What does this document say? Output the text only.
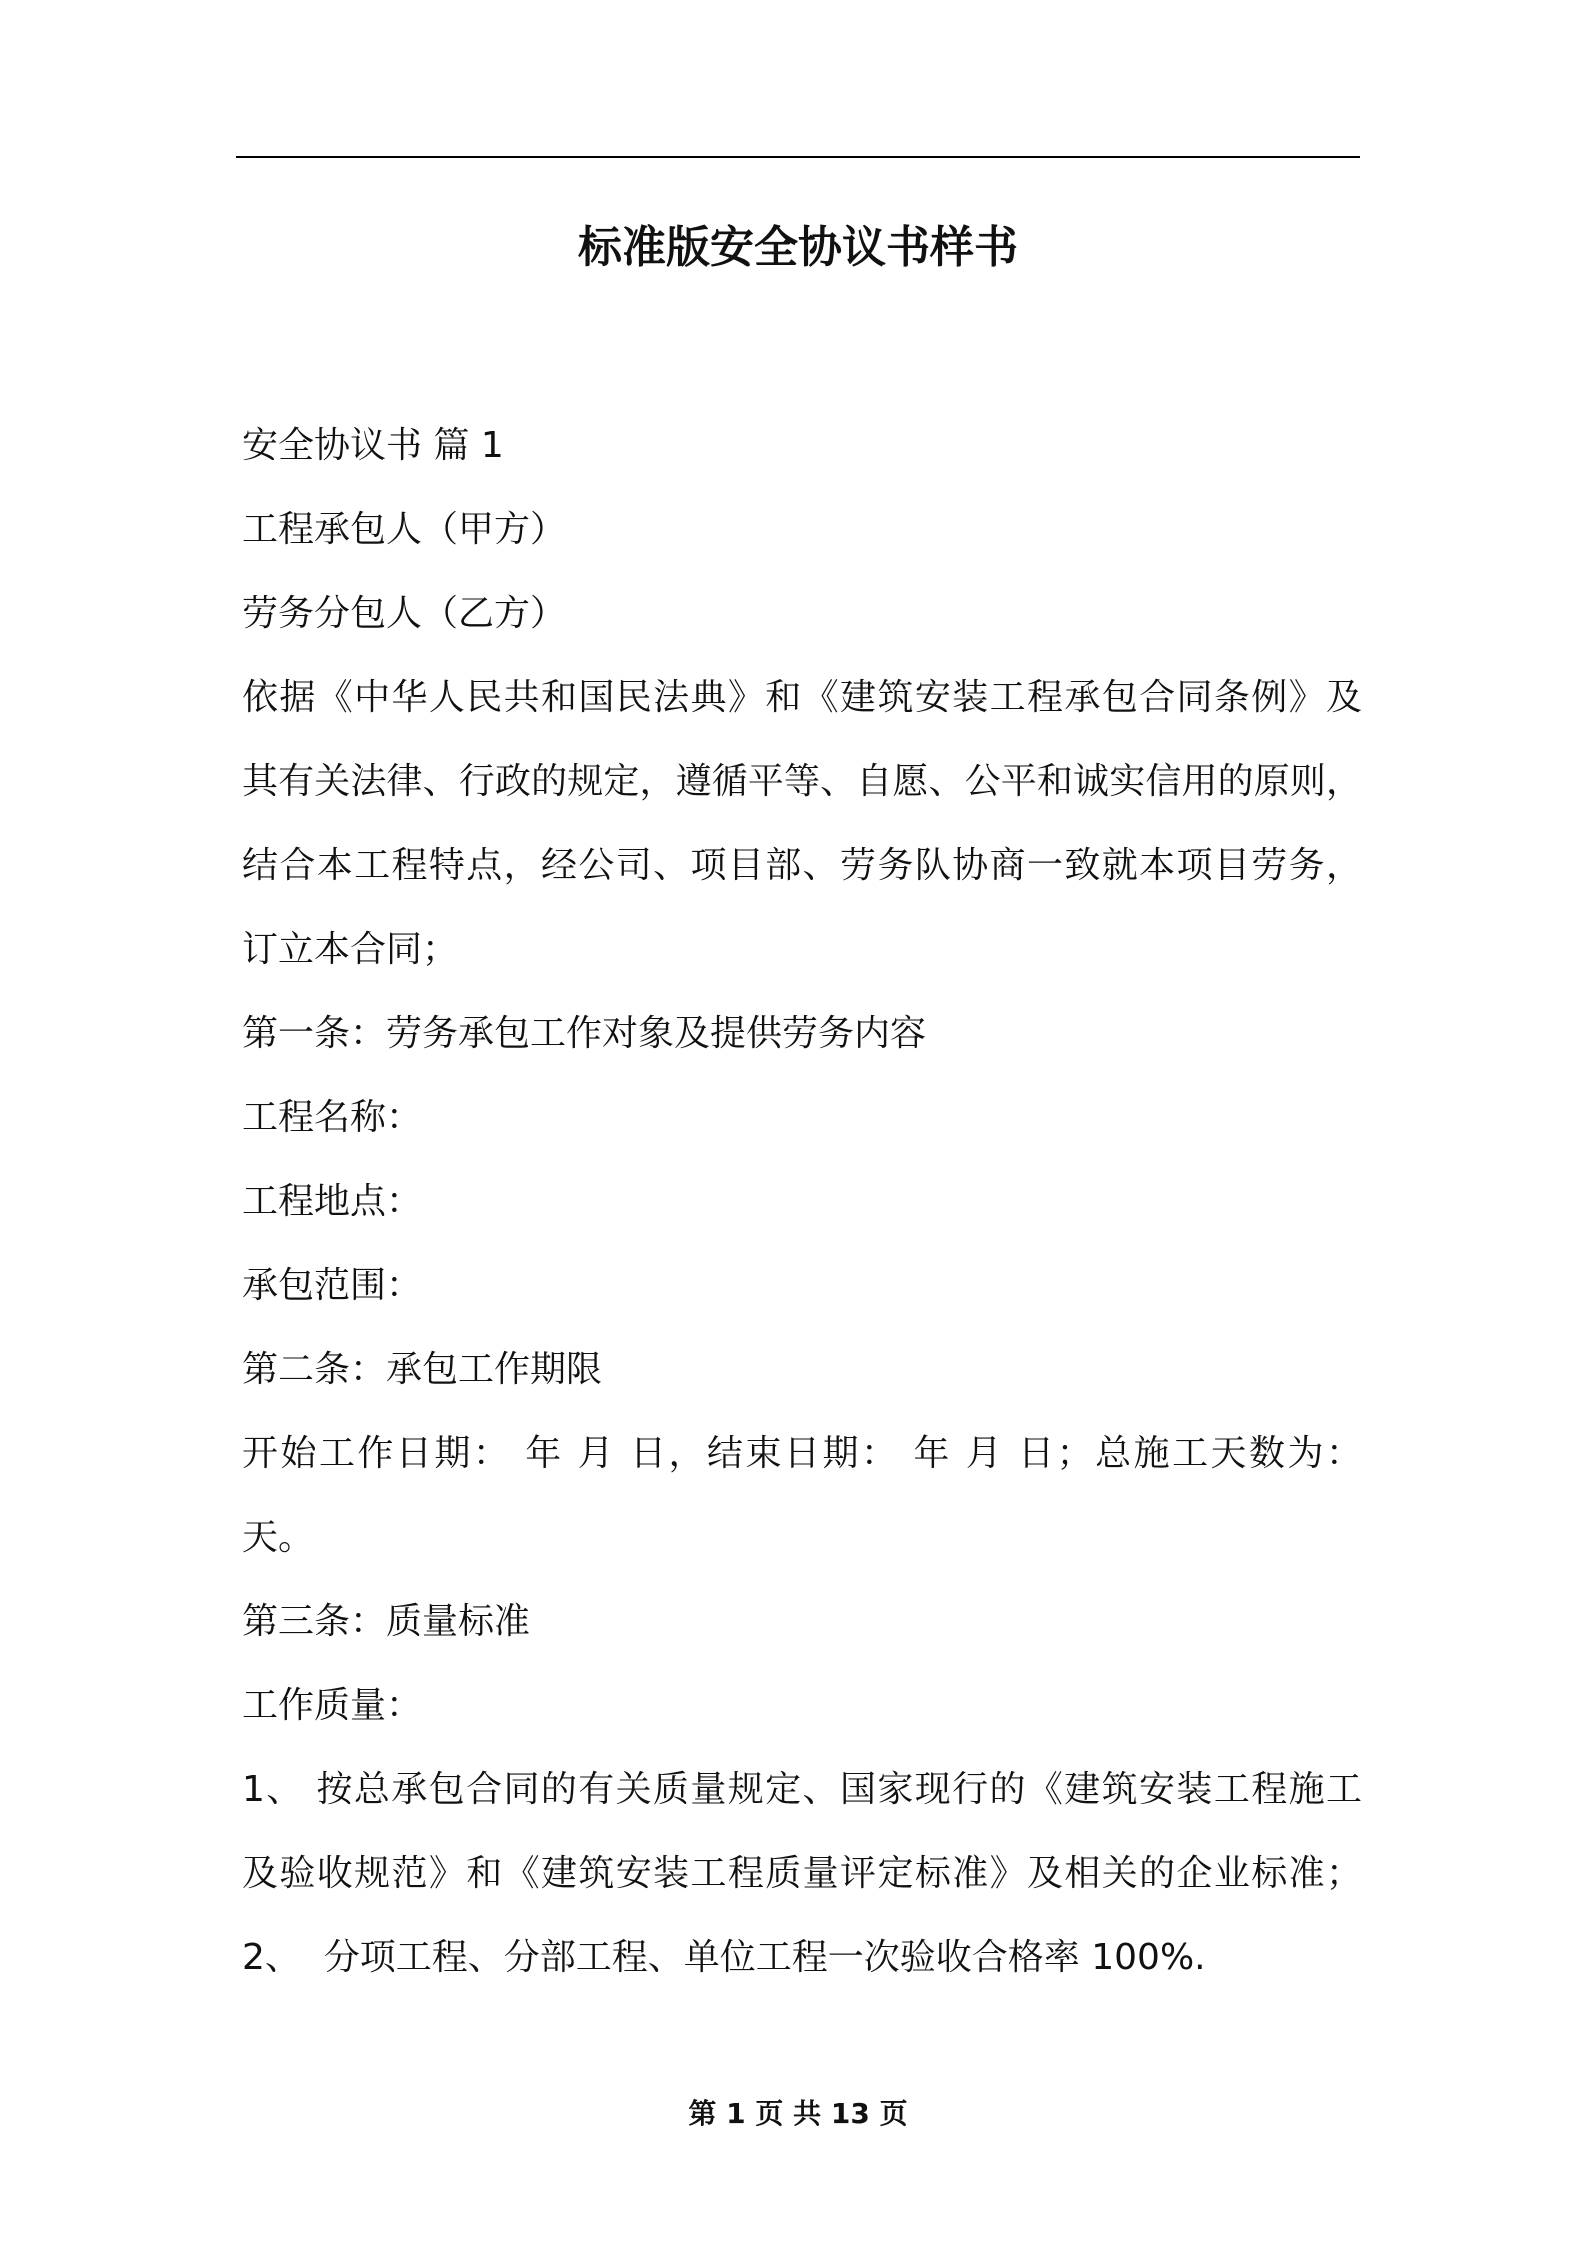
标准版安全协议书样书

安全协议书 篇 1

工程承包人（甲方）

劳务分包人（乙方）

依据《中华人民共和国民法典》和《建筑安装工程承包合同条例》及

其有关法律、行政的规定，遵循平等、自愿、公平和诚实信用的原则，

结合本工程特点，经公司、项目部、劳务队协商一致就本项目劳务，

订立本合同；

第一条：劳务承包工作对象及提供劳务内容

工程名称：

工程地点：

承包范围：

第二条：承包工作期限

开始工作日期： 年 月 日，结束日期： 年 月 日；总施工天数为：

天。

第三条：质量标准

工作质量：

1、 按总承包合同的有关质量规定、国家现行的《建筑安装工程施工

及验收规范》和《建筑安装工程质量评定标准》及相关的企业标准；

2、  分项工程、分部工程、单位工程一次验收合格率 100%.

第 1 页 共 13 页
